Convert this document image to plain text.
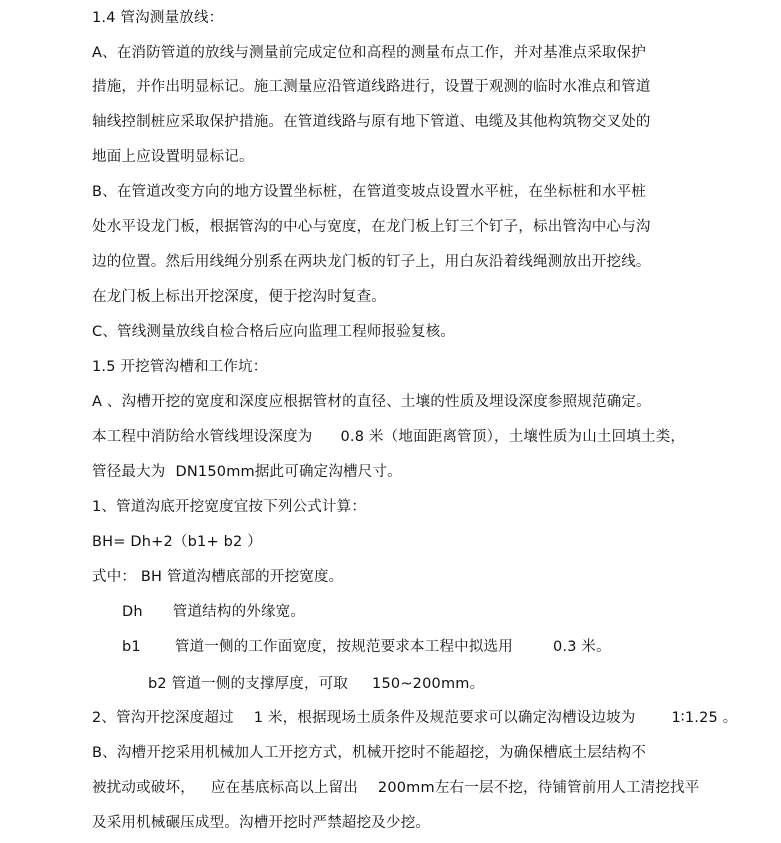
1.4 管沟测量放线：
A、在消防管道的放线与测量前完成定位和高程的测量布点工作，并对基准点采取保护
措施，并作出明显标记。施工测量应沿管道线路进行，设置于观测的临时水准点和管道
轴线控制桩应采取保护措施。在管道线路与原有地下管道、电缆及其他构筑物交叉处的
地面上应设置明显标记。
B、在管道改变方向的地方设置坐标桩，在管道变坡点设置水平桩，在坐标桩和水平桩
处水平设龙门板，根据管沟的中心与宽度，在龙门板上钉三个钉子，标出管沟中心与沟
边的位置。然后用线绳分别系在两块龙门板的钉子上，用白灰沿着线绳测放出开挖线。
在龙门板上标出开挖深度，便于挖沟时复查。
C、管线测量放线自检合格后应向监理工程师报验复核。
1.5 开挖管沟槽和工作坑：
A 、沟槽开挖的宽度和深度应根据管材的直径、土壤的性质及埋设深度参照规范确定。
本工程中消防给水管线埋设深度为 0.8 米（地面距离管顶），土壤性质为山土回填土类，
管径最大为 DN150mm据此可确定沟槽尺寸。
1、管道沟底开挖宽度宜按下列公式计算：
BH= Dh+2（b1+ b2 ）
式中： BH 管道沟槽底部的开挖宽度。
Dh 管道结构的外缘宽。
b1 管道一侧的工作面宽度，按规范要求本工程中拟选用	0.3 米。
b2 管道一侧的支撑厚度，可取 150~200mm。
2、管沟开挖深度超过 1 米，根据现场土质条件及规范要求可以确定沟槽设边坡为 1∶1.25 。
B、沟槽开挖采用机械加人工开挖方式，机械开挖时不能超挖，为确保槽底土层结构不
被扰动或破坏， 应在基底标高以上留出 200mm左右一层不挖，待铺管前用人工清挖找平
及采用机械碾压成型。沟槽开挖时严禁超挖及少挖。
